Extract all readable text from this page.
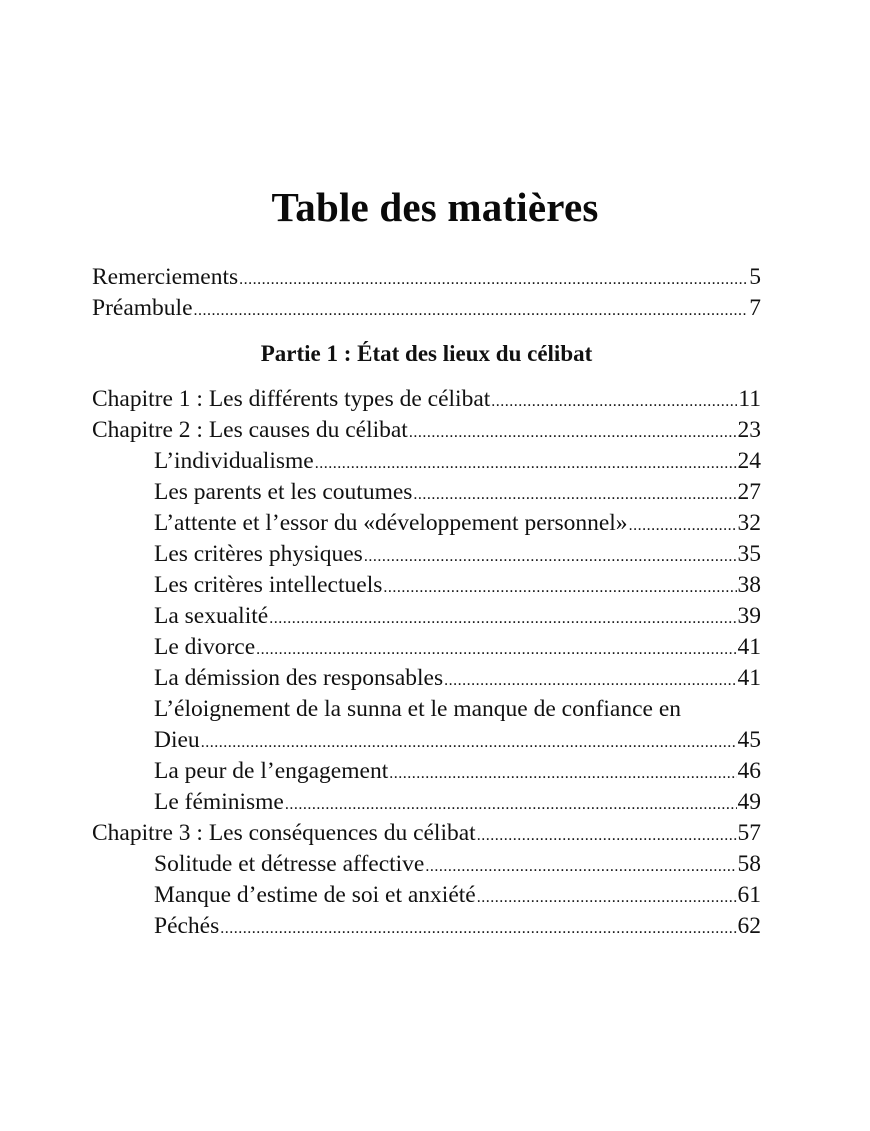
Table des matières
Remerciements .....	5
Préambule .....	7
Partie 1 : État des lieux du célibat
Chapitre 1 : Les différents types de célibat .....	11
Chapitre 2 : Les causes du célibat .....	23
L’individualisme .....	24
Les parents et les coutumes .....	27
L’attente et l’essor du «développement personnel» .....	32
Les critères physiques .....	35
Les critères intellectuels .....	38
La sexualité .....	39
Le divorce .....	41
La démission des responsables .....	41
L’éloignement de la sunna et le manque de confiance en
Dieu .....	45
La peur de l’engagement .....	46
Le féminisme .....	49
Chapitre 3 : Les conséquences du célibat .....	57
Solitude et détresse affective .....	58
Manque d’estime de soi et anxiété .....	61
Péchés .....	62
